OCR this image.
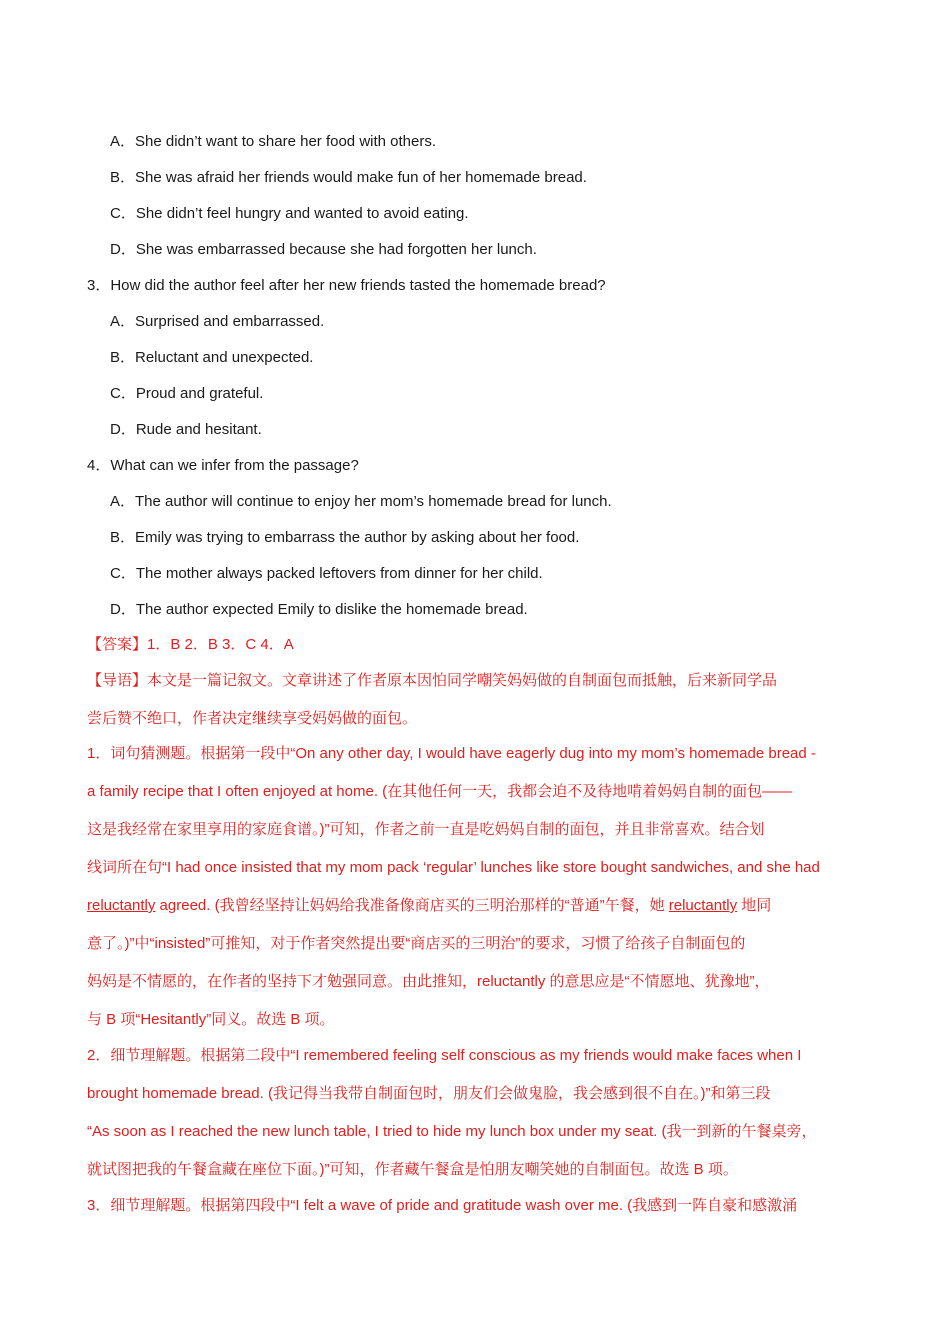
A．She didn’t want to share her food with others.
B．She was afraid her friends would make fun of her homemade bread.
C．She didn’t feel hungry and wanted to avoid eating.
D．She was embarrassed because she had forgotten her lunch.
3．How did the author feel after her new friends tasted the homemade bread?
A．Surprised and embarrassed.
B．Reluctant and unexpected.
C．Proud and grateful.
D．Rude and hesitant.
4．What can we infer from the passage?
A．The author will continue to enjoy her mom’s homemade bread for lunch.
B．Emily was trying to embarrass the author by asking about her food.
C．The mother always packed leftovers from dinner for her child.
D．The author expected Emily to dislike the homemade bread.
【答案】1．B 2．B 3．C 4．A
【导语】本文是一篇记叙文。文章讲述了作者原本因怕同学嘲笑妈妈做的自制面包而抵触，后来新同学品
尝后赞不绝口，作者决定继续享受妈妈做的面包。
1．词句猜测题。根据第一段中“On any other day, I would have eagerly dug into my mom’s homemade bread -
a family recipe that I often enjoyed at home. (在其他任何一天，我都会迫不及待地啃着妈妈自制的面包——
这是我经常在家里享用的家庭食谱。)”可知，作者之前一直是吃妈妈自制的面包，并且非常喜欢。结合划
线词所在句“I had once insisted that my mom pack ‘regular’ lunches like store bought sandwiches, and she had
reluctantly agreed. (我曾经坚持让妈妈给我准备像商店买的三明治那样的“普通”午餐，她 reluctantly 地同
意了。)”中“insisted”可推知，对于作者突然提出要“商店买的三明治”的要求，习惯了给孩子自制面包的
妈妈是不情愿的，在作者的坚持下才勉强同意。由此推知，reluctantly 的意思应是“不情愿地、犹豫地”，
与 B 项“Hesitantly”同义。故选 B 项。
2．细节理解题。根据第二段中“I remembered feeling self conscious as my friends would make faces when I
brought homemade bread. (我记得当我带自制面包时，朋友们会做鬼脸，我会感到很不自在。)”和第三段
“As soon as I reached the new lunch table, I tried to hide my lunch box under my seat. (我一到新的午餐桌旁，
就试图把我的午餐盒藏在座位下面。)”可知，作者藏午餐盒是怕朋友嘲笑她的自制面包。故选 B 项。
3．细节理解题。根据第四段中“I felt a wave of pride and gratitude wash over me. (我感到一阵自豪和感激涌
